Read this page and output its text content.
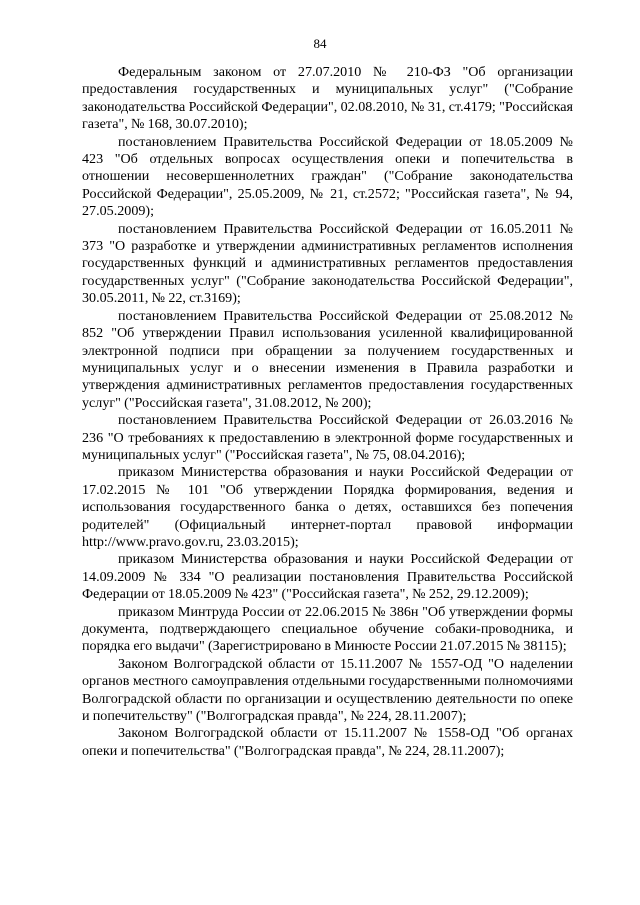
84

Федеральным законом от 27.07.2010 № 210-ФЗ "Об организации предоставления государственных и муниципальных услуг" ("Собрание законодательства Российской Федерации", 02.08.2010, № 31, ст.4179; "Российская газета", № 168, 30.07.2010);

постановлением Правительства Российской Федерации от 18.05.2009 № 423 "Об отдельных вопросах осуществления опеки и попечительства в отношении несовершеннолетних граждан" ("Собрание законодательства Российской Федерации", 25.05.2009, № 21, ст.2572; "Российская газета", № 94, 27.05.2009);

постановлением Правительства Российской Федерации от 16.05.2011 № 373 "О разработке и утверждении административных регламентов исполнения государственных функций и административных регламентов предоставления государственных услуг" ("Собрание законодательства Российской Федерации", 30.05.2011, № 22, ст.3169);

постановлением Правительства Российской Федерации от 25.08.2012 № 852 "Об утверждении Правил использования усиленной квалифицированной электронной подписи при обращении за получением государственных и муниципальных услуг и о внесении изменения в Правила разработки и утверждения административных регламентов предоставления государственных услуг" ("Российская газета", 31.08.2012, № 200);

постановлением Правительства Российской Федерации от 26.03.2016 № 236 "О требованиях к предоставлению в электронной форме государственных и муниципальных услуг" ("Российская газета", № 75, 08.04.2016);

приказом Министерства образования и науки Российской Федерации от 17.02.2015 № 101 "Об утверждении Порядка формирования, ведения и использования государственного банка о детях, оставшихся без попечения родителей" (Официальный интернет-портал правовой информации http://www.pravo.gov.ru, 23.03.2015);

приказом Министерства образования и науки Российской Федерации от 14.09.2009 № 334 "О реализации постановления Правительства Российской Федерации от 18.05.2009 № 423" ("Российская газета", № 252, 29.12.2009);

приказом Минтруда России от 22.06.2015 № 386н "Об утверждении формы документа, подтверждающего специальное обучение собаки-проводника, и порядка его выдачи" (Зарегистрировано в Минюсте России 21.07.2015 № 38115);

Законом Волгоградской области от 15.11.2007 № 1557-ОД "О наделении органов местного самоуправления отдельными государственными полномочиями Волгоградской области по организации и осуществлению деятельности по опеке и попечительству" ("Волгоградская правда", № 224, 28.11.2007);

Законом Волгоградской области от 15.11.2007 № 1558-ОД "Об органах опеки и попечительства" ("Волгоградская правда", № 224, 28.11.2007);
